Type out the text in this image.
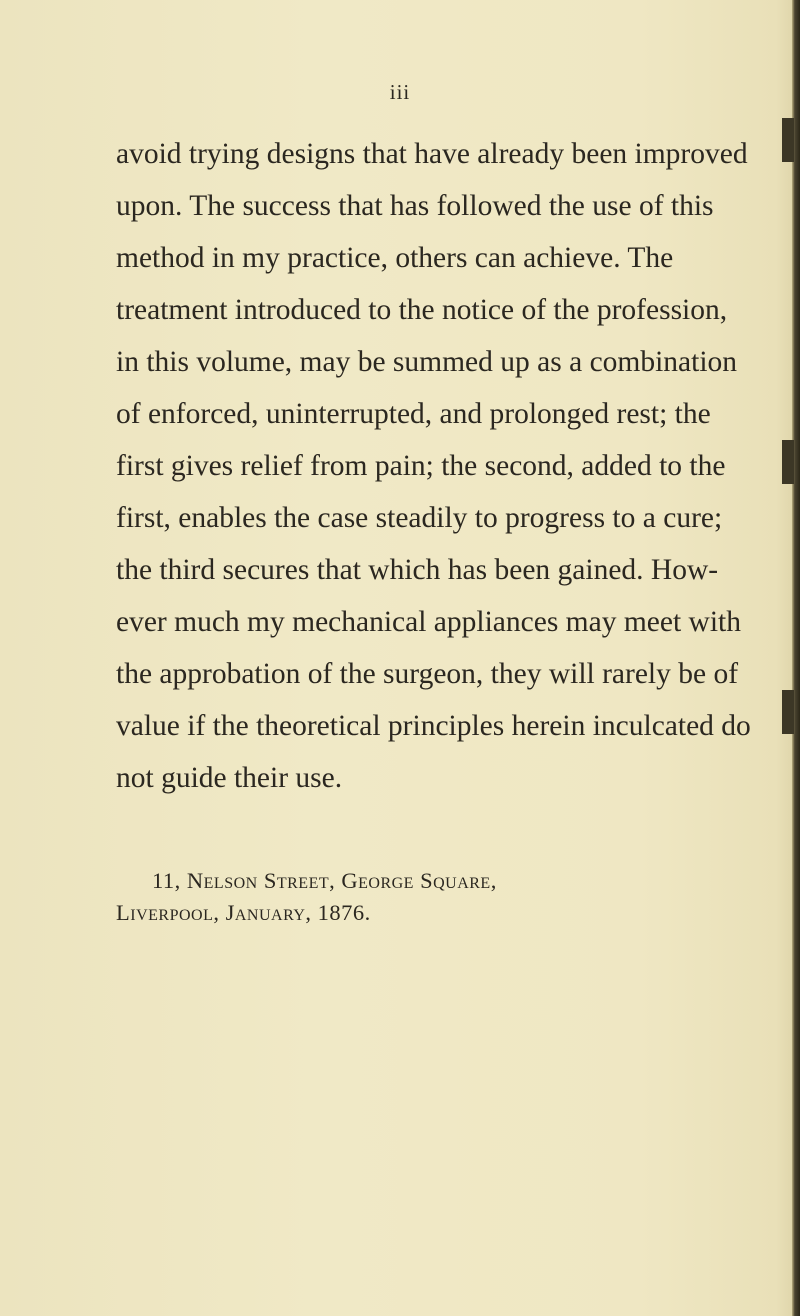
iii
avoid trying designs that have already been improved
upon. The success that has followed the use of this
method in my practice, others can achieve. The
treatment introduced to the notice of the profession,
in this volume, may be summed up as a combination
of enforced, uninterrupted, and prolonged rest; the
first gives relief from pain; the second, added to the
first, enables the case steadily to progress to a cure;
the third secures that which has been gained. How-
ever much my mechanical appliances may meet with
the approbation of the surgeon, they will rarely be of
value if the theoretical principles herein inculcated do
not guide their use.
11, Nelson Street, George Square,
Liverpool, January, 1876.
